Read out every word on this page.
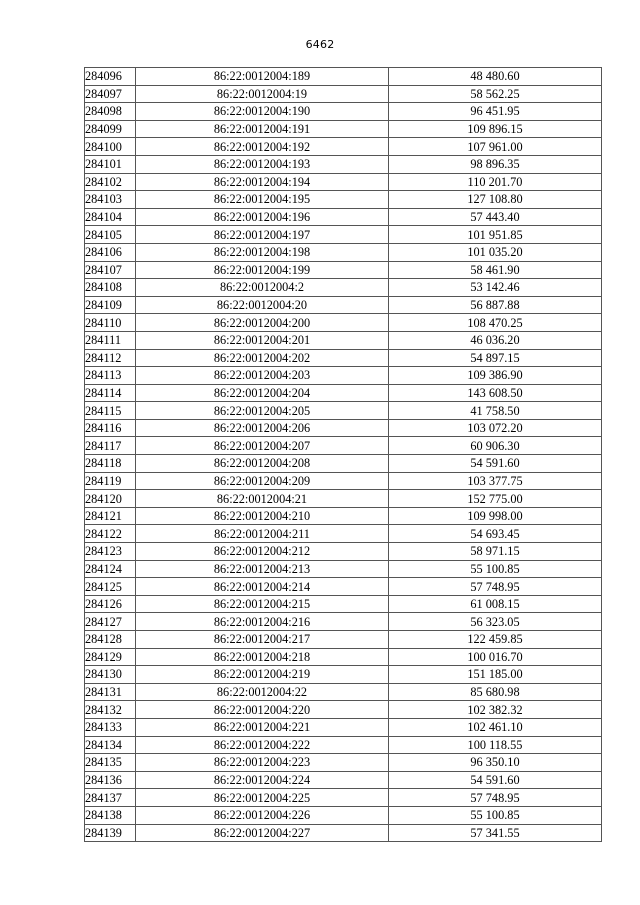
6462
284096	86:22:0012004:189	48 480.60
284097	86:22:0012004:19	58 562.25
284098	86:22:0012004:190	96 451.95
284099	86:22:0012004:191	109 896.15
284100	86:22:0012004:192	107 961.00
284101	86:22:0012004:193	98 896.35
284102	86:22:0012004:194	110 201.70
284103	86:22:0012004:195	127 108.80
284104	86:22:0012004:196	57 443.40
284105	86:22:0012004:197	101 951.85
284106	86:22:0012004:198	101 035.20
284107	86:22:0012004:199	58 461.90
284108	86:22:0012004:2	53 142.46
284109	86:22:0012004:20	56 887.88
284110	86:22:0012004:200	108 470.25
284111	86:22:0012004:201	46 036.20
284112	86:22:0012004:202	54 897.15
284113	86:22:0012004:203	109 386.90
284114	86:22:0012004:204	143 608.50
284115	86:22:0012004:205	41 758.50
284116	86:22:0012004:206	103 072.20
284117	86:22:0012004:207	60 906.30
284118	86:22:0012004:208	54 591.60
284119	86:22:0012004:209	103 377.75
284120	86:22:0012004:21	152 775.00
284121	86:22:0012004:210	109 998.00
284122	86:22:0012004:211	54 693.45
284123	86:22:0012004:212	58 971.15
284124	86:22:0012004:213	55 100.85
284125	86:22:0012004:214	57 748.95
284126	86:22:0012004:215	61 008.15
284127	86:22:0012004:216	56 323.05
284128	86:22:0012004:217	122 459.85
284129	86:22:0012004:218	100 016.70
284130	86:22:0012004:219	151 185.00
284131	86:22:0012004:22	85 680.98
284132	86:22:0012004:220	102 382.32
284133	86:22:0012004:221	102 461.10
284134	86:22:0012004:222	100 118.55
284135	86:22:0012004:223	96 350.10
284136	86:22:0012004:224	54 591.60
284137	86:22:0012004:225	57 748.95
284138	86:22:0012004:226	55 100.85
284139	86:22:0012004:227	57 341.55
